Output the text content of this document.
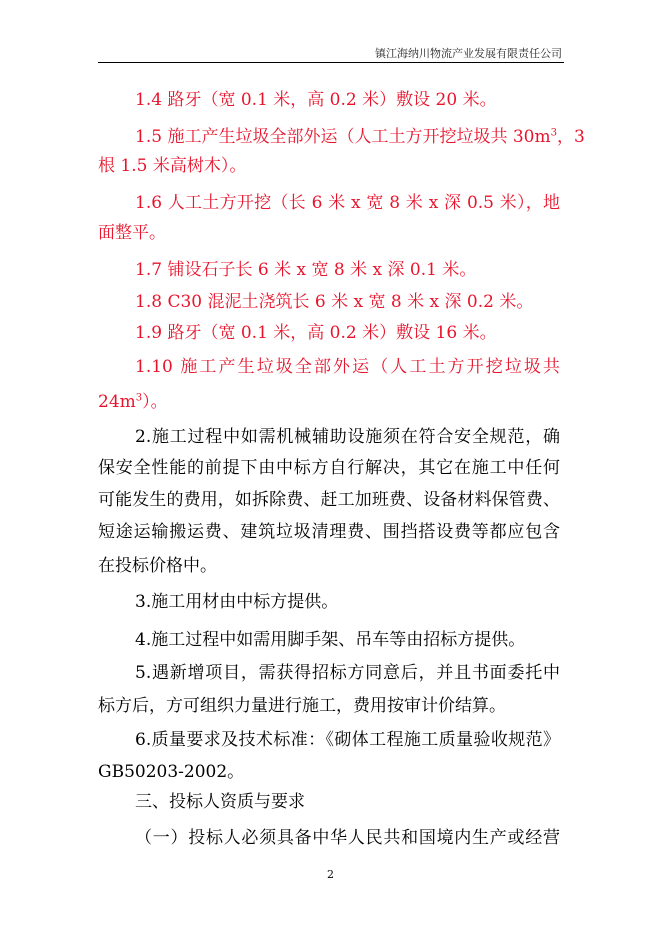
镇江海纳川物流产业发展有限责任公司
1.4 路牙（宽 0.1 米，高 0.2 米）敷设 20 米。
1.5 施工产生垃圾全部外运（人工土方开挖垃圾共 $30m^3$，3
根 1.5 米高树木）。
1.6 人工土方开挖（长 6 米 x 宽 8 米 x 深 0.5 米），地
面整平。
1.7 铺设石子长 6 米 x 宽 8 米 x 深 0.1 米。
1.8 C30 混泥土浇筑长 6 米 x 宽 8 米 x 深 0.2 米。
1.9 路牙（宽 0.1 米，高 0.2 米）敷设 16 米。
1.10 施工产生垃圾全部外运（人工土方开挖垃圾共
$24m^3$）。
2.施工过程中如需机械辅助设施须在符合安全规范，确
保安全性能的前提下由中标方自行解决，其它在施工中任何
可能发生的费用，如拆除费、赶工加班费、设备材料保管费、
短途运输搬运费、建筑垃圾清理费、围挡搭设费等都应包含
在投标价格中。
3.施工用材由中标方提供。
4.施工过程中如需用脚手架、吊车等由招标方提供。
5.遇新增项目，需获得招标方同意后，并且书面委托中
标方后，方可组织力量进行施工，费用按审计价结算。
6.质量要求及技术标准：《砌体工程施工质量验收规范》
GB50203-2002。
三、投标人资质与要求
（一）投标人必须具备中华人民共和国境内生产或经营
2
